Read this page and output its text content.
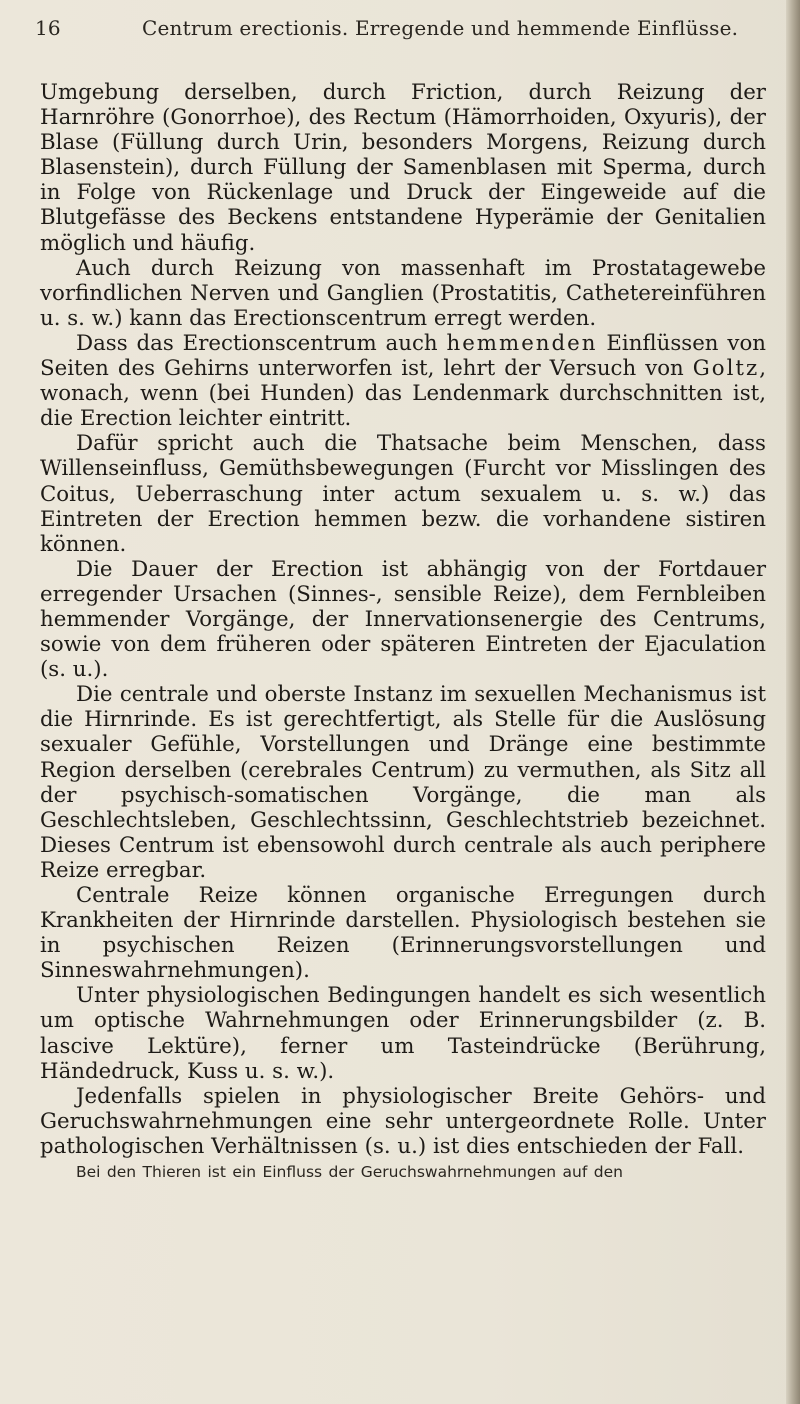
16	Centrum erectionis. Erregende und hemmende Einflüsse.

Umgebung derselben, durch Friction, durch Reizung der Harnröhre (Gonorrhoe), des Rectum (Hämorrhoiden, Oxyuris), der Blase (Füllung durch Urin, besonders Morgens, Reizung durch Blasenstein), durch Füllung der Samenblasen mit Sperma, durch in Folge von Rückenlage und Druck der Eingeweide auf die Blutgefässe des Beckens entstandene Hyperämie der Genitalien möglich und häufig.

Auch durch Reizung von massenhaft im Prostatagewebe vorfindlichen Nerven und Ganglien (Prostatitis, Cathetereinführen u. s. w.) kann das Erectionscentrum erregt werden.

Dass das Erectionscentrum auch hemmenden Einflüssen von Seiten des Gehirns unterworfen ist, lehrt der Versuch von Goltz, wonach, wenn (bei Hunden) das Lendenmark durchschnitten ist, die Erection leichter eintritt.

Dafür spricht auch die Thatsache beim Menschen, dass Willenseinfluss, Gemüthsbewegungen (Furcht vor Misslingen des Coitus, Ueberraschung inter actum sexualem u. s. w.) das Eintreten der Erection hemmen bezw. die vorhandene sistiren können.

Die Dauer der Erection ist abhängig von der Fortdauer erregender Ursachen (Sinnes-, sensible Reize), dem Fernbleiben hemmender Vorgänge, der Innervationsenergie des Centrums, sowie von dem früheren oder späteren Eintreten der Ejaculation (s. u.).

Die centrale und oberste Instanz im sexuellen Mechanismus ist die Hirnrinde. Es ist gerechtfertigt, als Stelle für die Auslösung sexualer Gefühle, Vorstellungen und Dränge eine bestimmte Region derselben (cerebrales Centrum) zu vermuthen, als Sitz all der psychisch-somatischen Vorgänge, die man als Geschlechtsleben, Geschlechtssinn, Geschlechtstrieb bezeichnet. Dieses Centrum ist ebensowohl durch centrale als auch periphere Reize erregbar.

Centrale Reize können organische Erregungen durch Krankheiten der Hirnrinde darstellen. Physiologisch bestehen sie in psychischen Reizen (Erinnerungsvorstellungen und Sinneswahrnehmungen).

Unter physiologischen Bedingungen handelt es sich wesentlich um optische Wahrnehmungen oder Erinnerungsbilder (z. B. lascive Lektüre), ferner um Tasteindrücke (Berührung, Händedruck, Kuss u. s. w.).

Jedenfalls spielen in physiologischer Breite Gehörs- und Geruchswahrnehmungen eine sehr untergeordnete Rolle. Unter pathologischen Verhältnissen (s. u.) ist dies entschieden der Fall.

Bei den Thieren ist ein Einfluss der Geruchswahrnehmungen auf den
